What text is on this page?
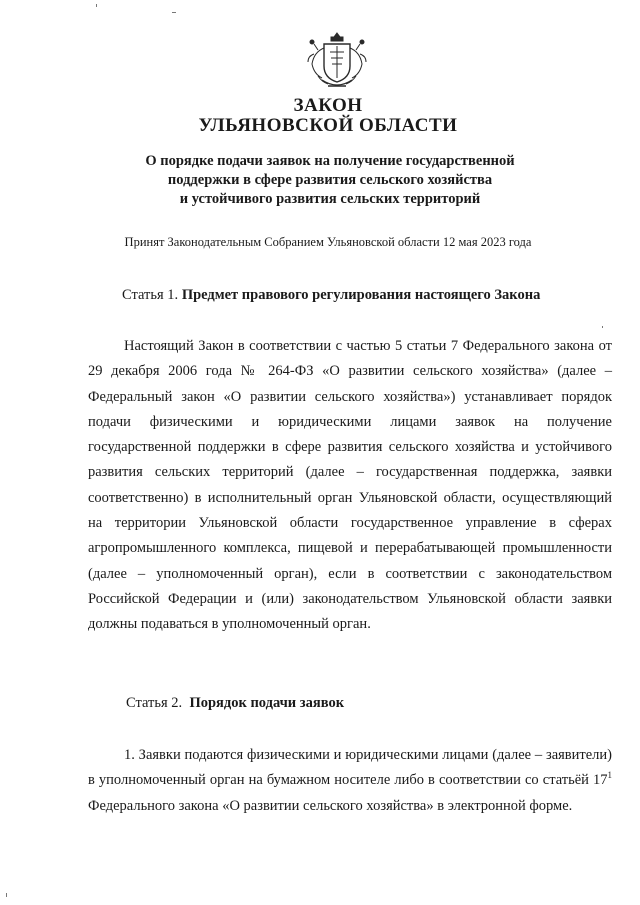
ЗАКОН
УЛЬЯНОВСКОЙ ОБЛАСТИ
О порядке подачи заявок на получение государственной
поддержки в сфере развития сельского хозяйства
и устойчивого развития сельских территорий
Принят Законодательным Собранием Ульяновской области 12 мая 2023 года
Статья 1. Предмет правового регулирования настоящего Закона

Настоящий Закон в соответствии с частью 5 статьи 7 Федерального закона от 29 декабря 2006 года № 264-ФЗ «О развитии сельского хозяйства» (далее – Федеральный закон «О развитии сельского хозяйства») устанавливает порядок подачи физическими и юридическими лицами заявок на получение государственной поддержки в сфере развития сельского хозяйства и устойчивого развития сельских территорий (далее – государственная поддержка, заявки соответственно) в исполнительный орган Ульяновской области, осуществляющий на территории Ульяновской области государственное управление в сферах агропромышленного комплекса, пищевой и перерабатывающей промышленности (далее – уполномоченный орган), если в соответствии с законодательством Российской Федерации и (или) законодательством Ульяновской области заявки должны подаваться в уполномоченный орган.

Статья 2. Порядок подачи заявок

1. Заявки подаются физическими и юридическими лицами (далее – заявители) в уполномоченный орган на бумажном носителе либо в соответствии со статьёй $17^1$ Федерального закона «О развитии сельского хозяйства» в электронной форме.
